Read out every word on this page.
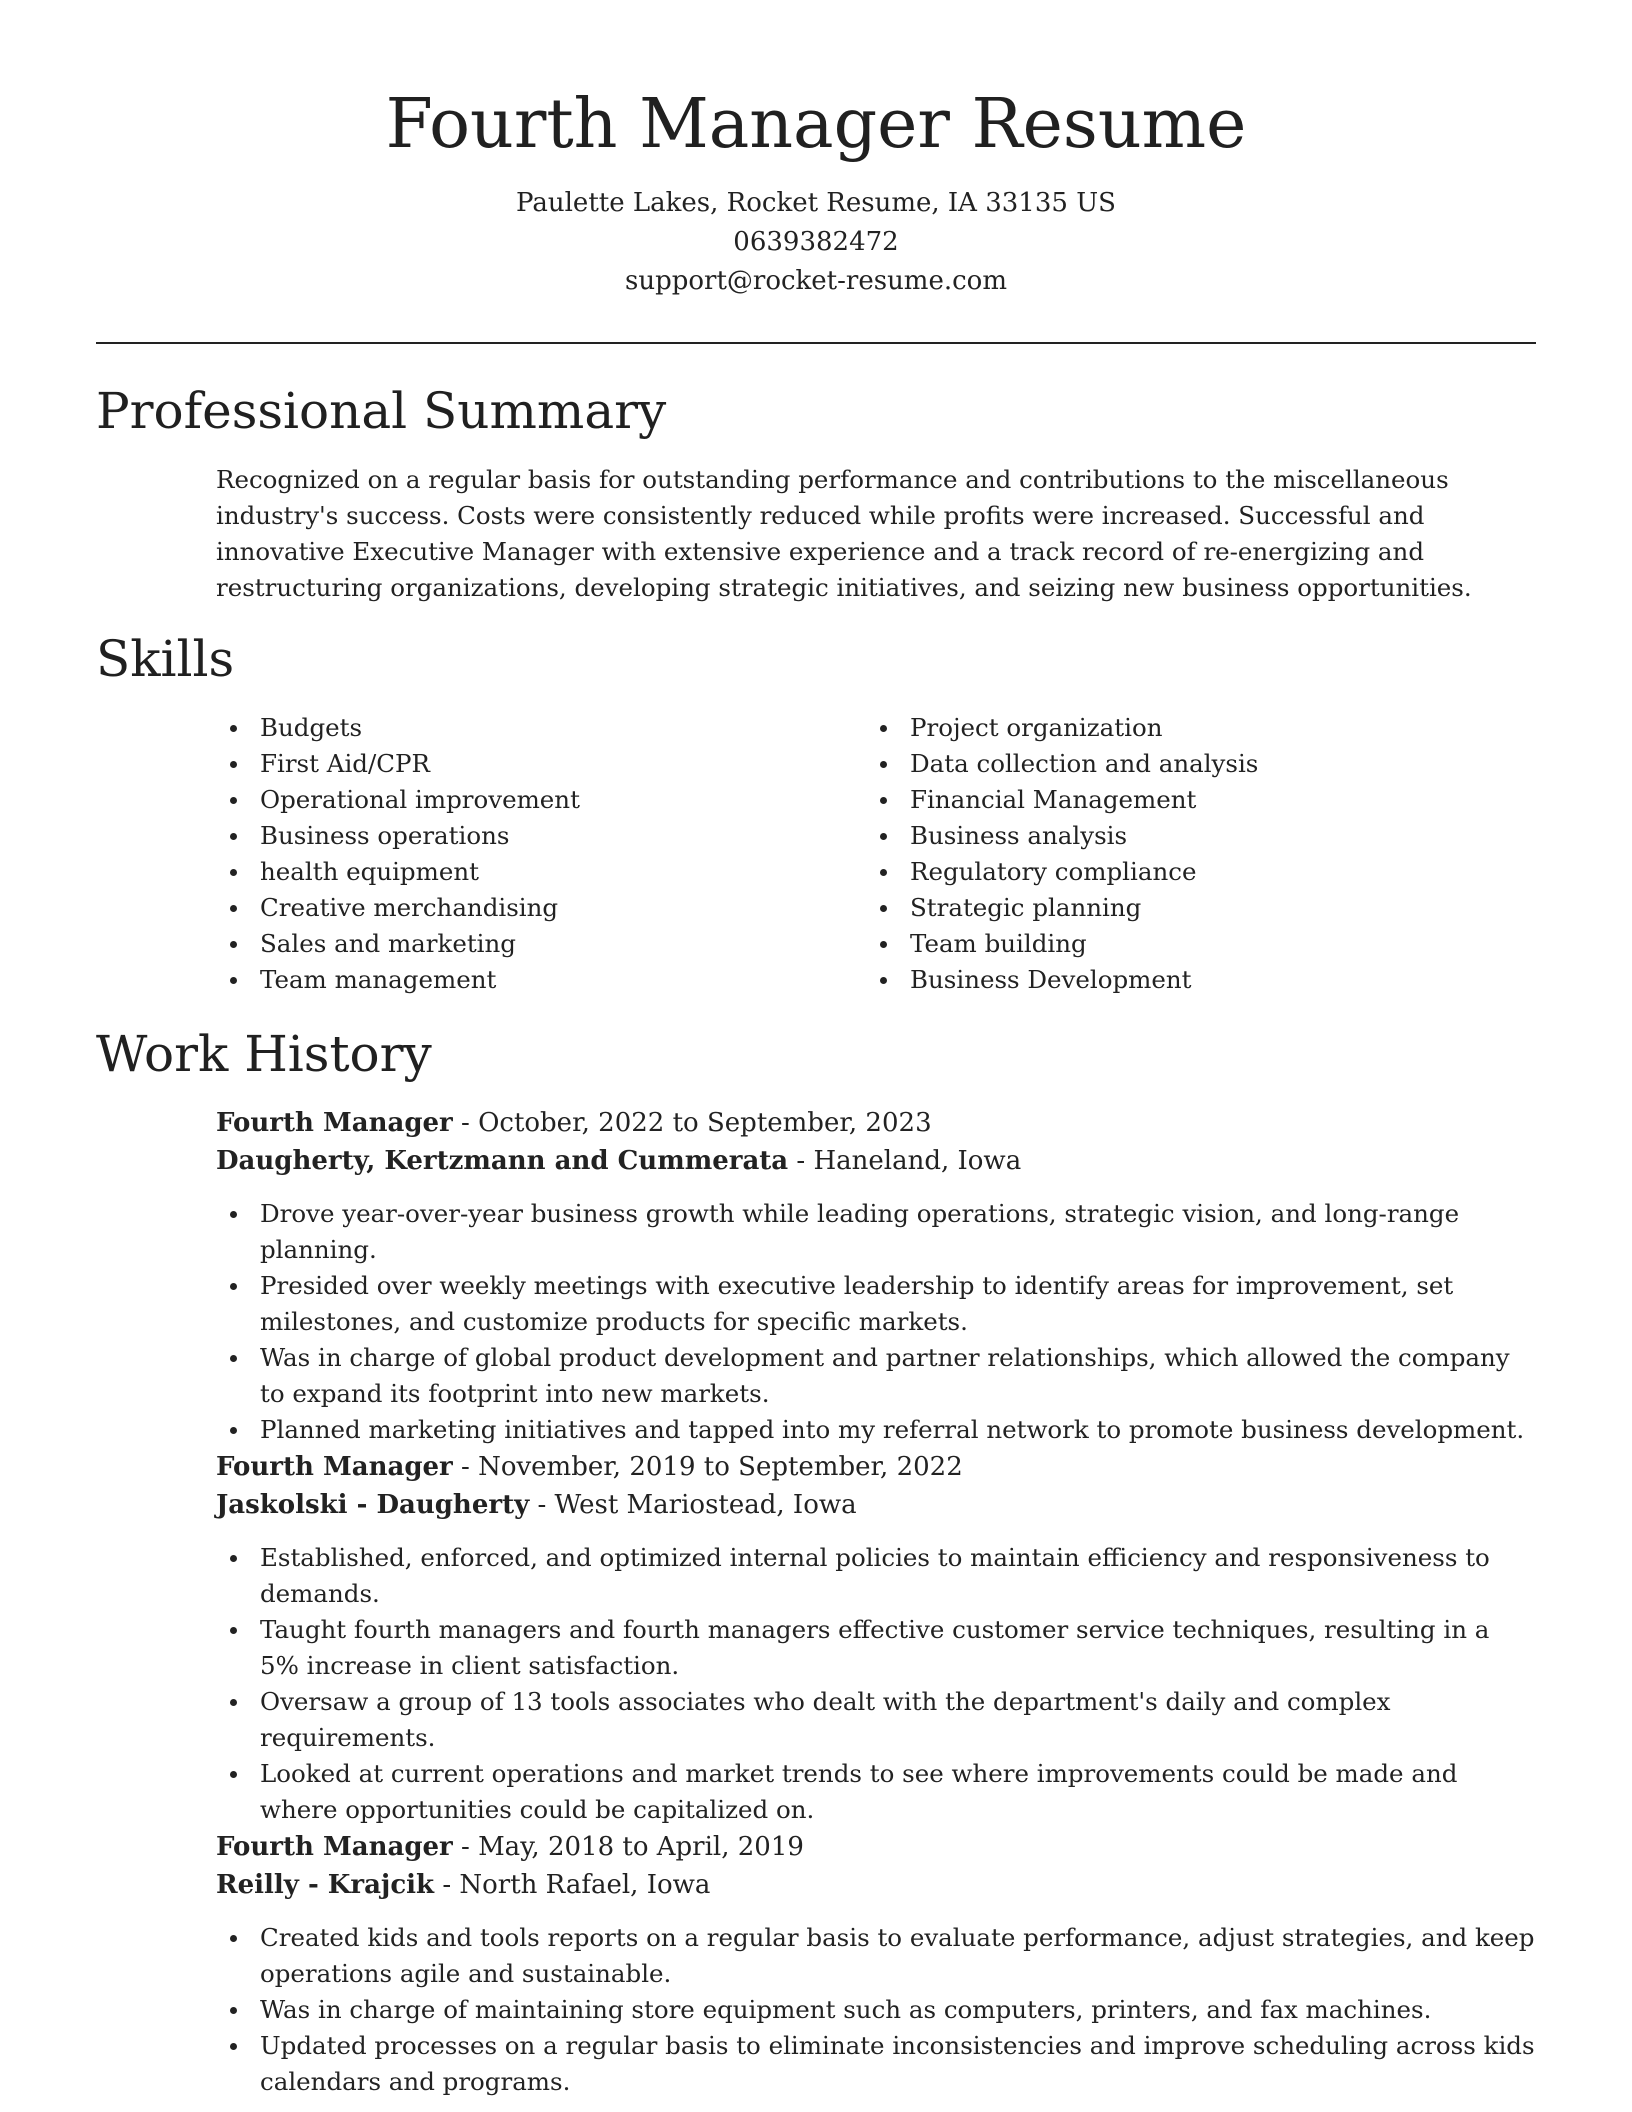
Fourth Manager Resume

Paulette Lakes, Rocket Resume, IA 33135 US

0639382472

support@rocket-resume.com

Professional Summary

Recognized on a regular basis for outstanding performance and contributions to the miscellaneous industry's success. Costs were consistently reduced while profits were increased. Successful and innovative Executive Manager with extensive experience and a track record of re-energizing and restructuring organizations, developing strategic initiatives, and seizing new business opportunities.

Skills
Budgets
First Aid/CPR
Operational improvement
Business operations
health equipment
Creative merchandising
Sales and marketing
Team management
Project organization
Data collection and analysis
Financial Management
Business analysis
Regulatory compliance
Strategic planning
Team building
Business Development
Work History

Fourth Manager - October, 2022 to September, 2023

Daugherty, Kertzmann and Cummerata - Haneland, Iowa

Drove year-over-year business growth while leading operations, strategic vision, and long-range planning.
Presided over weekly meetings with executive leadership to identify areas for improvement, set milestones, and customize products for specific markets.
Was in charge of global product development and partner relationships, which allowed the company to expand its footprint into new markets.
Planned marketing initiatives and tapped into my referral network to promote business development.

Fourth Manager - November, 2019 to September, 2022

Jaskolski - Daugherty - West Mariostead, Iowa

Established, enforced, and optimized internal policies to maintain efficiency and responsiveness to demands.
Taught fourth managers and fourth managers effective customer service techniques, resulting in a 5% increase in client satisfaction.
Oversaw a group of 13 tools associates who dealt with the department's daily and complex requirements.
Looked at current operations and market trends to see where improvements could be made and where opportunities could be capitalized on.

Fourth Manager - May, 2018 to April, 2019

Reilly - Krajcik - North Rafael, Iowa

Created kids and tools reports on a regular basis to evaluate performance, adjust strategies, and keep operations agile and sustainable.
Was in charge of maintaining store equipment such as computers, printers, and fax machines.
Updated processes on a regular basis to eliminate inconsistencies and improve scheduling across kids calendars and programs.
